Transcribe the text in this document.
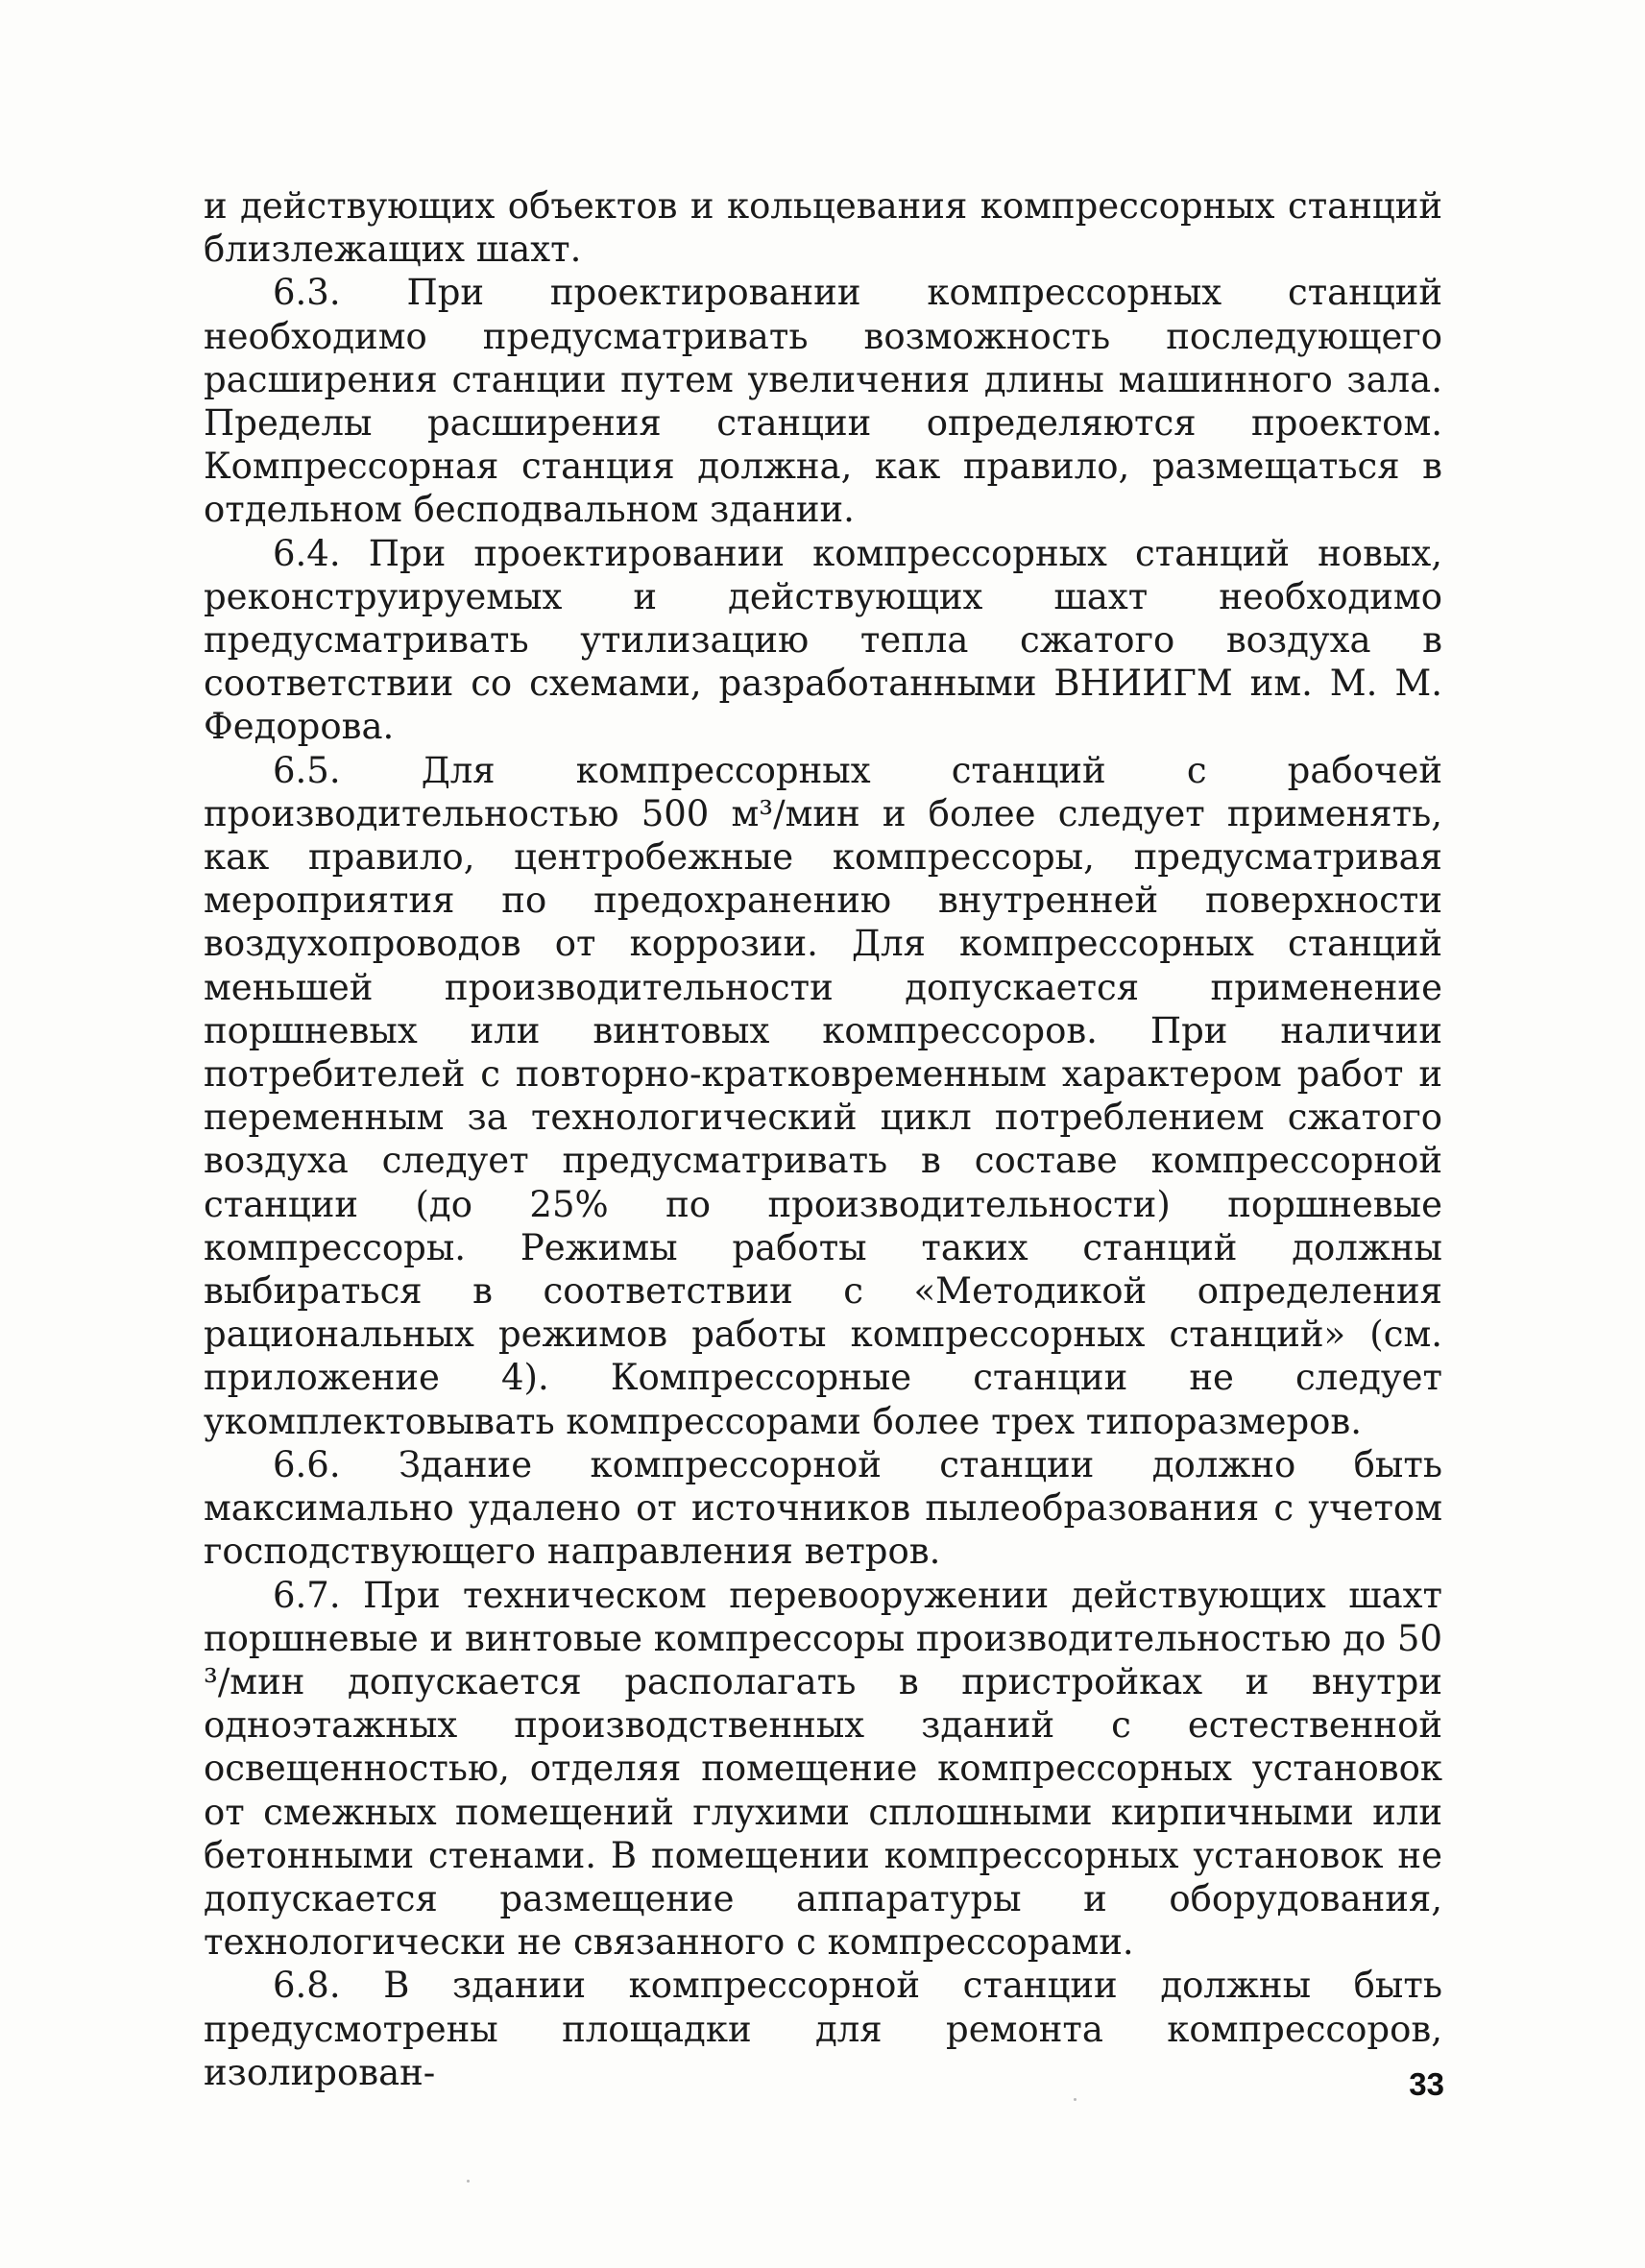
и действующих объектов и кольцевания компрессорных станций близлежащих шахт.

6.3. При проектировании компрессорных станций необходимо предусматривать возможность последующего расширения станции путем увеличения длины машинного зала. Пределы расширения станции определяются проектом. Компрессорная станция должна, как правило, размещаться в отдельном бесподвальном здании.

6.4. При проектировании компрессорных станций новых, реконструируемых и действующих шахт необходимо предусматривать утилизацию тепла сжатого воздуха в соответствии со схемами, разработанными ВНИИГМ им. М. М. Федорова.

6.5. Для компрессорных станций с рабочей производительностью 500 м³/мин и более следует применять, как правило, центробежные компрессоры, предусматривая мероприятия по предохранению внутренней поверхности воздухопроводов от коррозии. Для компрессорных станций меньшей производительности допускается применение поршневых или винтовых компрессоров. При наличии потребителей с повторно-кратковременным характером работ и переменным за технологический цикл потреблением сжатого воздуха следует предусматривать в составе компрессорной станции (до 25% по производительности) поршневые компрессоры. Режимы работы таких станций должны выбираться в соответствии с «Методикой определения рациональных режимов работы компрессорных станций» (см. приложение 4). Компрессорные станции не следует укомплектовывать компрессорами более трех типоразмеров.

6.6. Здание компрессорной станции должно быть максимально удалено от источников пылеобразования с учетом господствующего направления ветров.

6.7. При техническом перевооружении действующих шахт поршневые и винтовые компрессоры производительностью до 50 ³/мин допускается располагать в пристройках и внутри одноэтажных производственных зданий с естественной освещенностью, отделяя помещение компрессорных установок от смежных помещений глухими сплошными кирпичными или бетонными стенами. В помещении компрессорных установок не допускается размещение аппаратуры и оборудования, технологически не связанного с компрессорами.

6.8. В здании компрессорной станции должны быть предусмотрены площадки для ремонта компрессоров, изолирован-	33
